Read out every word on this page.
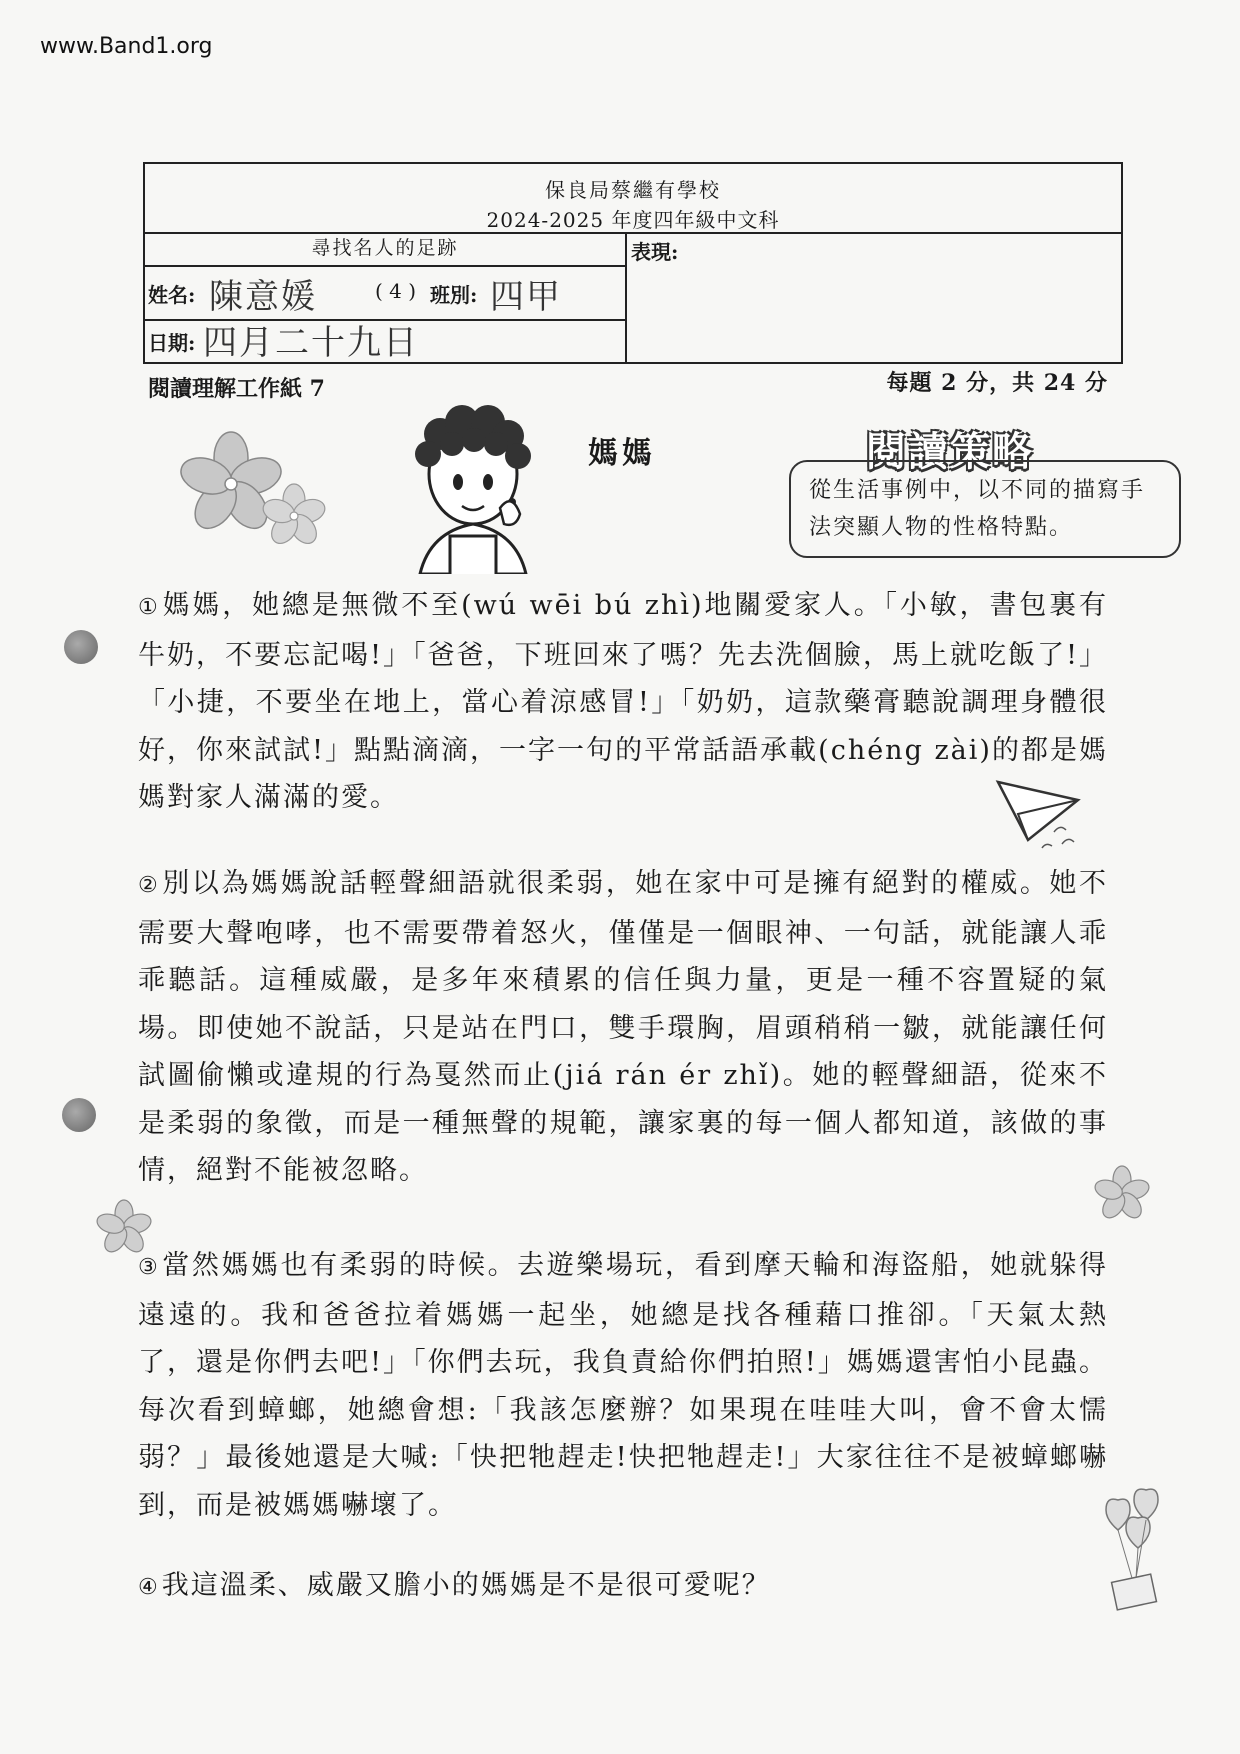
www.Band1.org
保良局蔡繼有學校
2024-2025 年度四年級中文科
尋找名人的足跡
姓名: 陳意媛	( 4 ) 班別: 四甲
日期: 四月二十九日
表現:
閱讀理解工作紙 7	每題 2 分，共 24 分
媽媽	閱讀策略
從生活事例中，以不同的描寫手法突顯人物的性格特點。

①媽媽，她總是無微不至(wú wēi bú zhì)地關愛家人。「小敏，書包裏有牛奶，不要忘記喝!」「爸爸，下班回來了嗎？先去洗個臉，馬上就吃飯了!」「小捷，不要坐在地上，當心着涼感冒!」「奶奶，這款藥膏聽說調理身體很好，你來試試!」點點滴滴，一字一句的平常話語承載(chéng zài)的都是媽媽對家人滿滿的愛。

②別以為媽媽說話輕聲細語就很柔弱，她在家中可是擁有絕對的權威。她不需要大聲咆哮，也不需要帶着怒火，僅僅是一個眼神、一句話，就能讓人乖乖聽話。這種威嚴，是多年來積累的信任與力量，更是一種不容置疑的氣場。即使她不說話，只是站在門口，雙手環胸，眉頭稍稍一皺，就能讓任何試圖偷懶或違規的行為戛然而止(jiá rán ér zhǐ)。她的輕聲細語，從來不是柔弱的象徵，而是一種無聲的規範，讓家裏的每一個人都知道，該做的事情，絕對不能被忽略。

③當然媽媽也有柔弱的時候。去遊樂場玩，看到摩天輪和海盜船，她就躲得遠遠的。我和爸爸拉着媽媽一起坐，她總是找各種藉口推卻。「天氣太熱了，還是你們去吧!」「你們去玩，我負責給你們拍照!」媽媽還害怕小昆蟲。每次看到蟑螂，她總會想:「我該怎麼辦？如果現在哇哇大叫，會不會太懦弱？」最後她還是大喊:「快把牠趕走!快把牠趕走!」大家往往不是被蟑螂嚇到，而是被媽媽嚇壞了。

④我這溫柔、威嚴又膽小的媽媽是不是很可愛呢？
